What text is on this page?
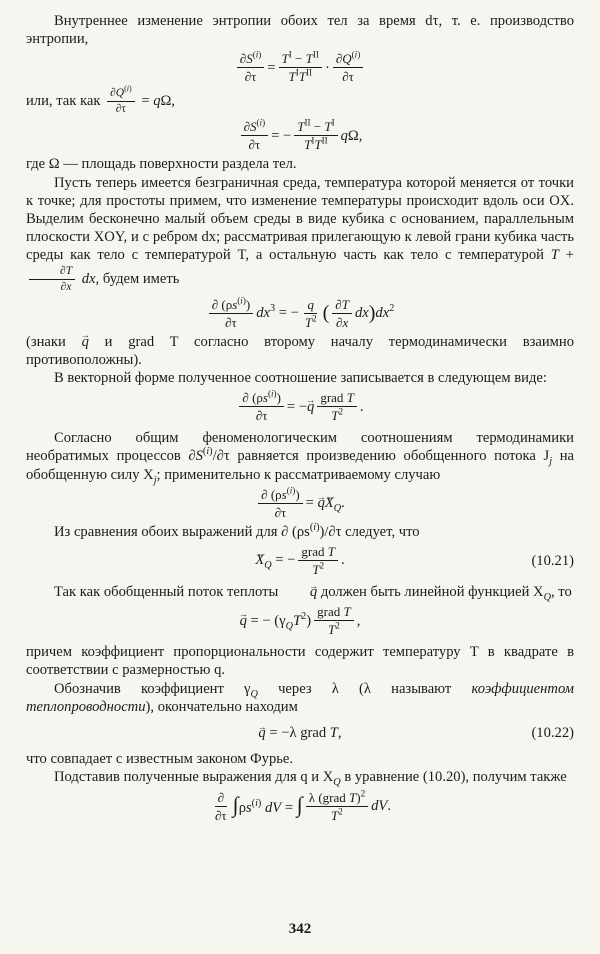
Внутреннее изменение энтропии обоих тел за время dτ, т. е. производство энтропии,

$\frac{\partial S^{(i)}}{\partial\tau} = \frac{T^I - T^{II}}{T^IT^{II}} \cdot \frac{\partial Q^{(i)}}{\partial\tau}$

или, так как $\frac{\partial Q^{(i)}}{\partial\tau} = q\Omega$,

$\frac{\partial S^{(i)}}{\partial\tau}$ = − $\frac{T^{II} - T^I}{T^IT^{II}} q\Omega$,

где Ω — площадь поверхности раздела тел.

Пусть теперь имеется безграничная среда, температура которой меняется от точки к точке; для простоты примем, что изменение температуры происходит вдоль оси OX. Выделим бесконечно малый объем среды в виде кубика с основанием, параллельным плоскости XOY, и с ребром dx; рассматривая прилегающую к левой грани кубика часть среды как тело с температурой T, а остальную часть как тело с температурой T +
$\frac{\partial T}{\partial x}$ dx, будем иметь

$\frac{\partial (\rho s^{(i)})}{\partial\tau} dx^3$ = − $\frac{q}{T^2}$ ( $\frac{\partial T}{\partial x}$ dx ) $dx^2$

(знаки → q и grad T согласно второму началу термодинамически взаимно противоположны).

В векторной форме полученное соотношение записывается в следующем виде:

$\frac{\partial (\rho s^{(i)})}{\partial\tau}$ = −→ q $\frac{\text{grad T}}{T^2}$ .

Согласно общим феноменологическим соотношениям термодинамики необратимых процессов $\partial S^{(i)}/\partial\tau$ равняется произведению обобщенного потока $J_j$ на обобщенную силу $X_j$; применительно к рассматриваемому случаю

$\frac{\partial (\rho s^{(i)})}{\partial\tau}$ = → $q\to X_Q$.

Из сравнения обоих выражений для ∂ $(\rho s^{(i)})/\partial\tau$ следует, что

→ $X_Q$ = − $\frac{\text{grad T}}{T^2}$ .	(10.21)

Так как обобщенный поток теплоты → q должен быть линейной функцией $X_Q$, то

→ q = − $(\gamma_QT^2) \frac{\text{grad T}}{T^2}$ ,

причем коэффициент пропорциональности содержит температуру T в квадрате в соответствии с размерностью q.

Обозначив коэффициент $\gamma_Q$ через λ (λ называют коэффициентом теплопроводности), окончательно находим

→ q = −λ grad T,	(10.22)

что совпадает с известным законом Фурье.

Подставив полученные выражения для q и $X_Q$ в уравнение (10.20), получим также

$\frac{\partial}{\partial\tau} \int\rho s^{(i)}$ dV = ∫ $\frac{\lambda (grad T)^2}{T^2}$ dV.
342
